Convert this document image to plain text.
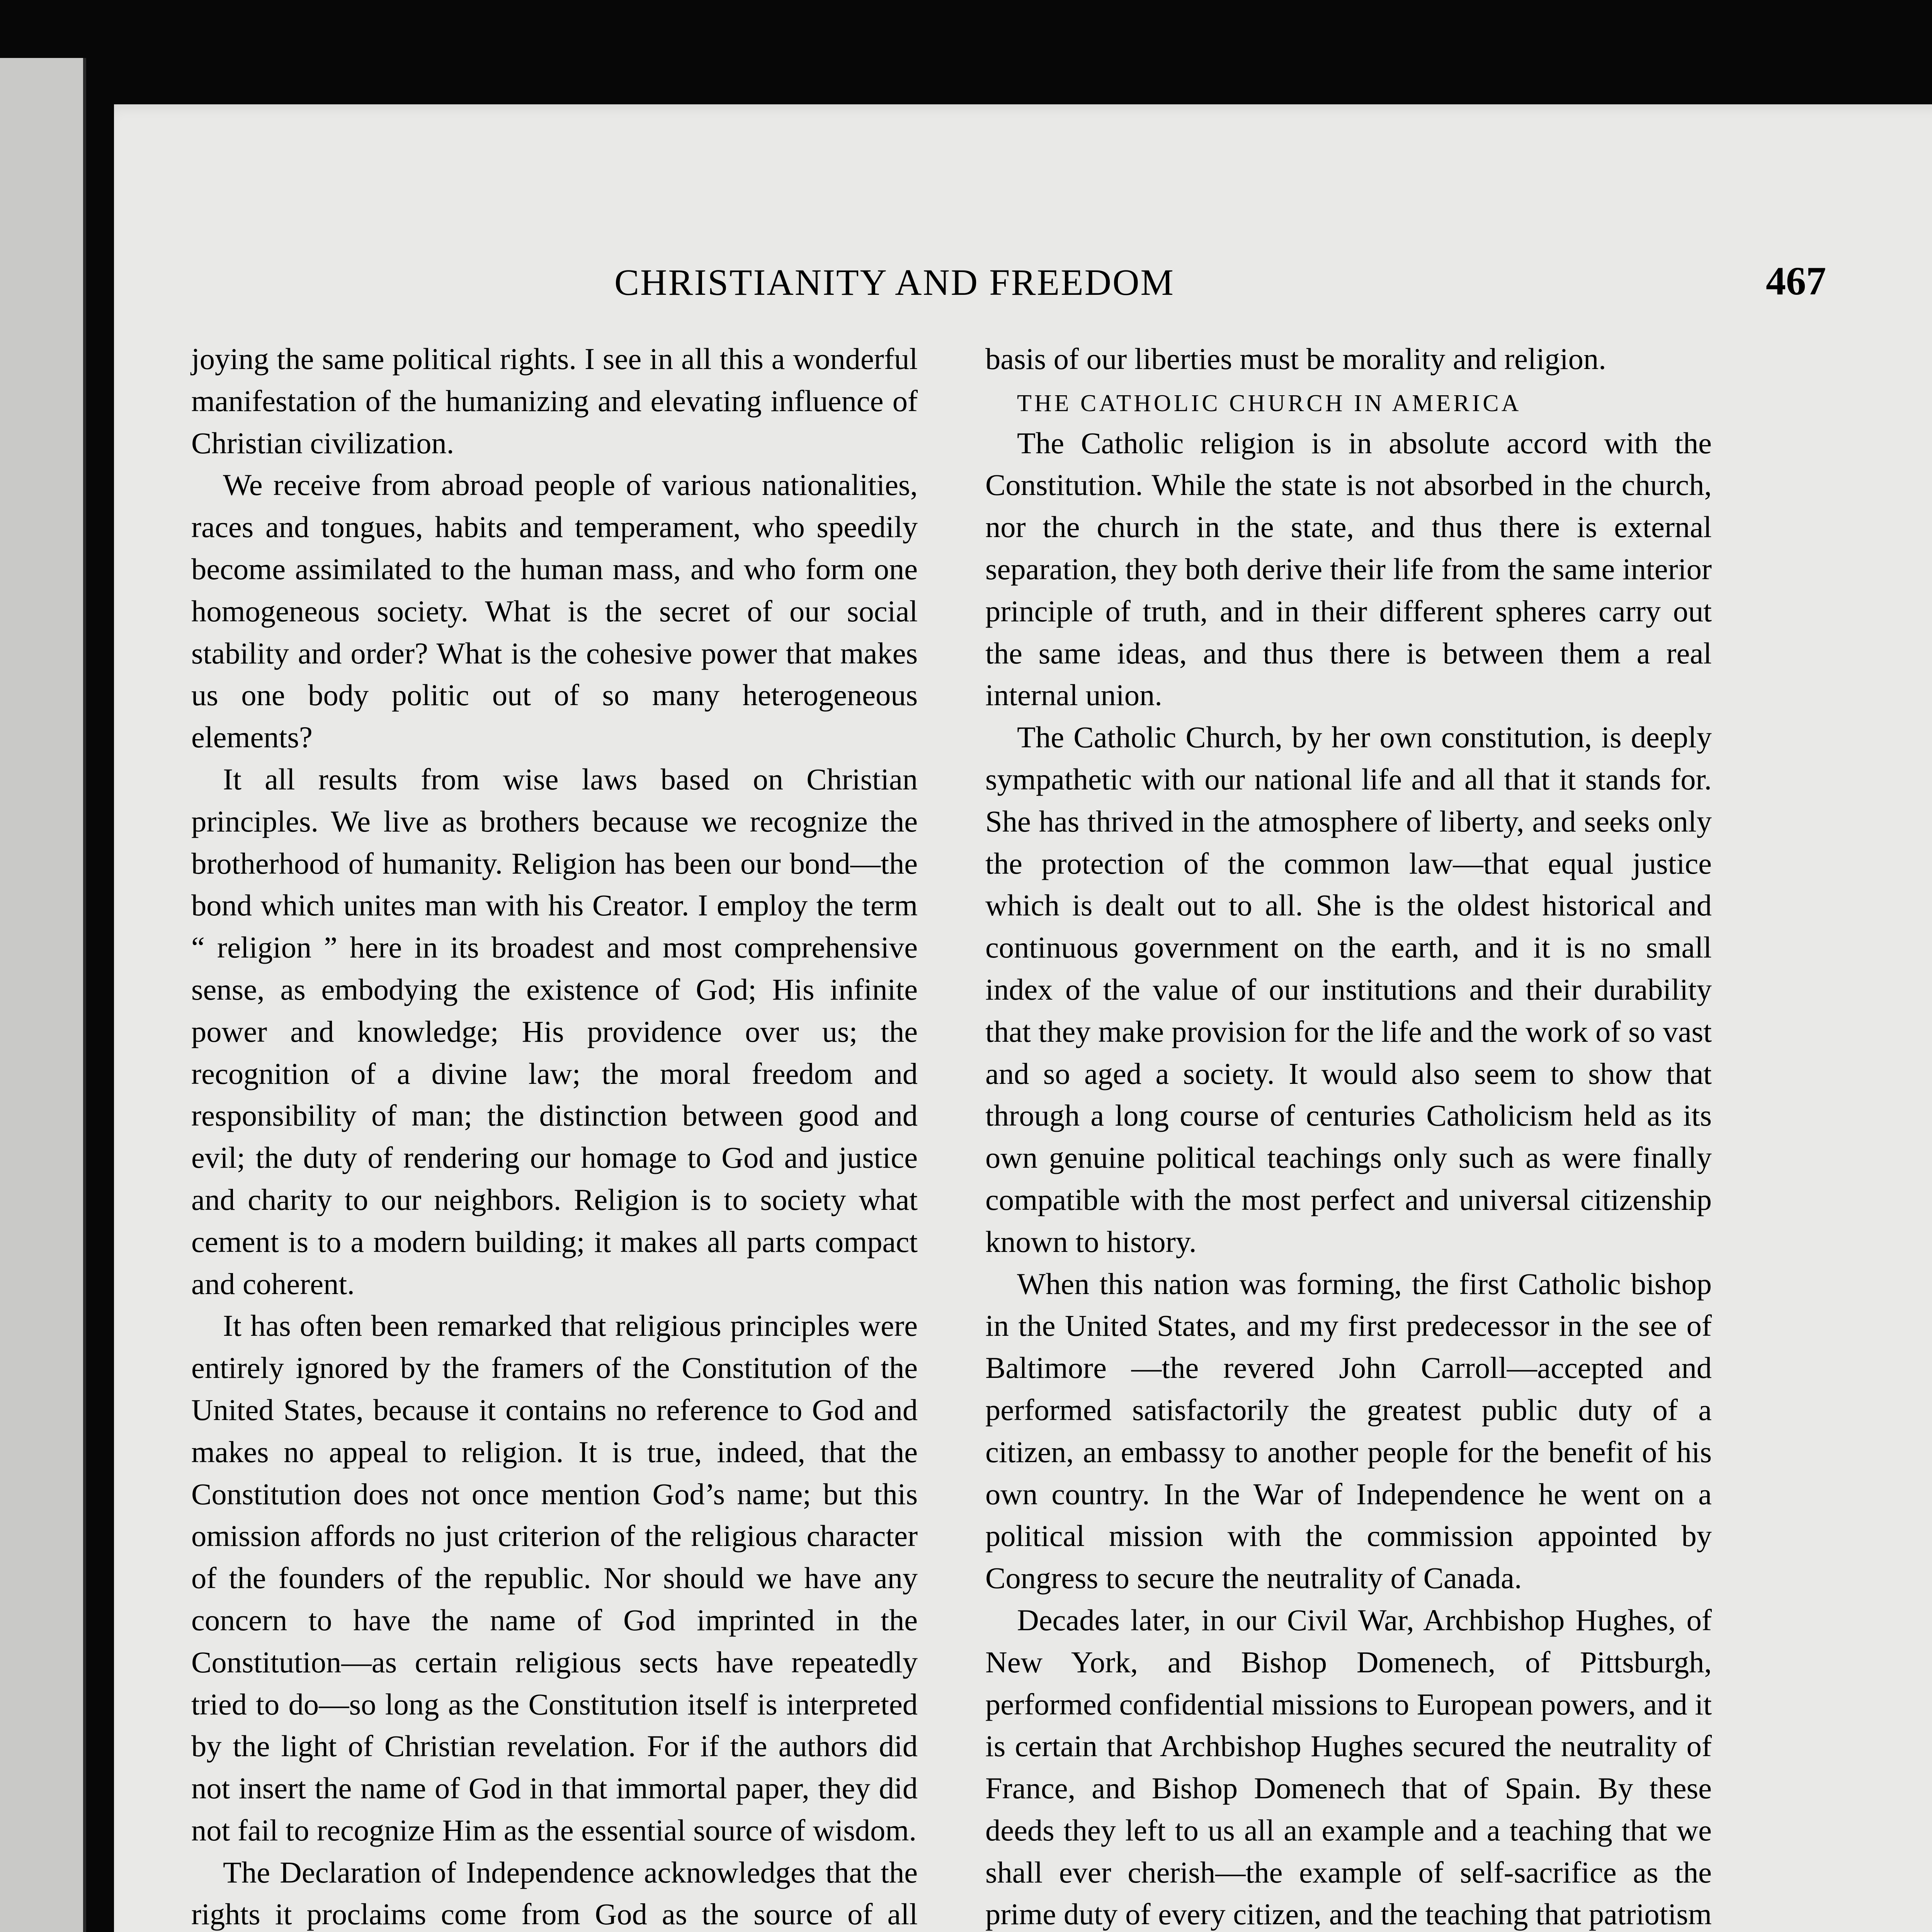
CHRISTIANITY AND FREEDOM	467

joying the same political rights. I see in all this a wonderful manifestation of the humanizing and elevating influence of Christian civilization.

We receive from abroad people of various nationalities, races and tongues, habits and temperament, who speedily become assimilated to the human mass, and who form one homogeneous society. What is the secret of our social stability and order? What is the cohesive power that makes us one body politic out of so many heterogeneous elements?

It all results from wise laws based on Christian principles. We live as brothers because we recognize the brotherhood of humanity. Religion has been our bond—the bond which unites man with his Creator. I employ the term “ religion ” here in its broadest and most comprehensive sense, as embodying the existence of God; His infinite power and knowledge; His providence over us; the recognition of a divine law; the moral freedom and responsibility of man; the distinction between good and evil; the duty of rendering our homage to God and justice and charity to our neighbors. Religion is to society what cement is to a modern building; it makes all parts compact and coherent.

It has often been remarked that religious principles were entirely ignored by the framers of the Constitution of the United States, because it contains no reference to God and makes no appeal to religion. It is true, indeed, that the Constitution does not once mention God’s name; but this omission affords no just criterion of the religious character of the founders of the republic. Nor should we have any concern to have the name of God imprinted in the Constitution—as certain religious sects have repeatedly tried to do—so long as the Constitution itself is interpreted by the light of Christian revelation. For if the authors did not insert the name of God in that immortal paper, they did not fail to recognize Him as the essential source of wisdom.

The Declaration of Independence acknowledges that the rights it proclaims come from God as the source of all

basis of our liberties must be morality and religion.

THE CATHOLIC CHURCH IN AMERICA

The Catholic religion is in absolute accord with the Constitution. While the state is not absorbed in the church, nor the church in the state, and thus there is external separation, they both derive their life from the same interior principle of truth, and in their different spheres carry out the same ideas, and thus there is between them a real internal union.

The Catholic Church, by her own constitution, is deeply sympathetic with our national life and all that it stands for. She has thrived in the atmosphere of liberty, and seeks only the protection of the common law—that equal justice which is dealt out to all. She is the oldest historical and continuous government on the earth, and it is no small index of the value of our institutions and their durability that they make provision for the life and the work of so vast and so aged a society. It would also seem to show that through a long course of centuries Catholicism held as its own genuine political teachings only such as were finally compatible with the most perfect and universal citizenship known to history.

When this nation was forming, the first Catholic bishop in the United States, and my first predecessor in the see of Baltimore —the revered John Carroll—accepted and performed satisfactorily the greatest public duty of a citizen, an embassy to another people for the benefit of his own country. In the War of Independence he went on a political mission with the commission appointed by Congress to secure the neutrality of Canada.

Decades later, in our Civil War, Archbishop Hughes, of New York, and Bishop Domenech, of Pittsburgh, performed confidential missions to European powers, and it is certain that Archbishop Hughes secured the neutrality of France, and Bishop Domenech that of Spain. By these deeds they left to us all an example and a teaching that we shall ever cherish—the example of self-sacrifice as the prime duty of every citizen, and the teaching that patriotism
